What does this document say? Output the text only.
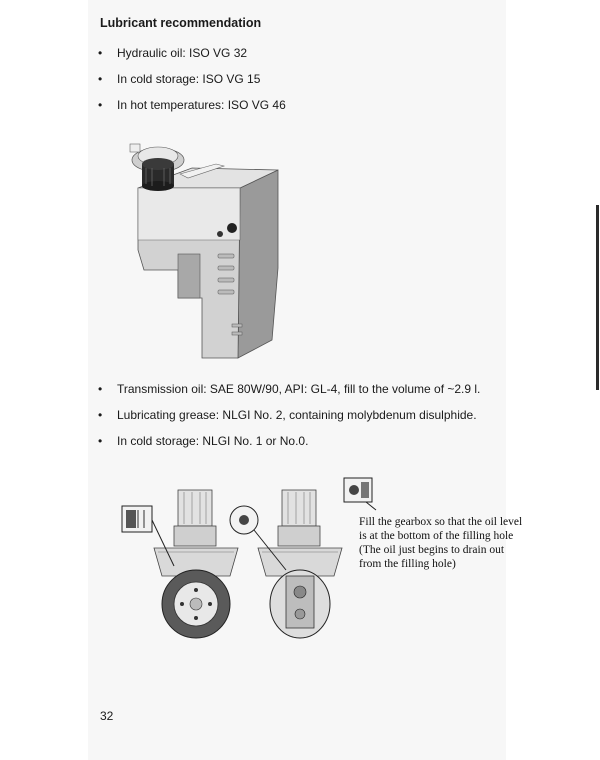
Lubricant recommendation
• Hydraulic oil: ISO VG 32
• In cold storage: ISO VG 15
• In hot temperatures: ISO VG 46
• Transmission oil: SAE 80W/90, API: GL-4, fill to the volume of ~2.9 l.
• Lubricating grease: NLGI No. 2, containing molybdenum disulphide.
• In cold storage: NLGI No. 1 or No.0.
Fill the gearbox so that the oil level
is at the bottom of the filling hole
(The oil just begins to drain out
from the filling hole)
32
